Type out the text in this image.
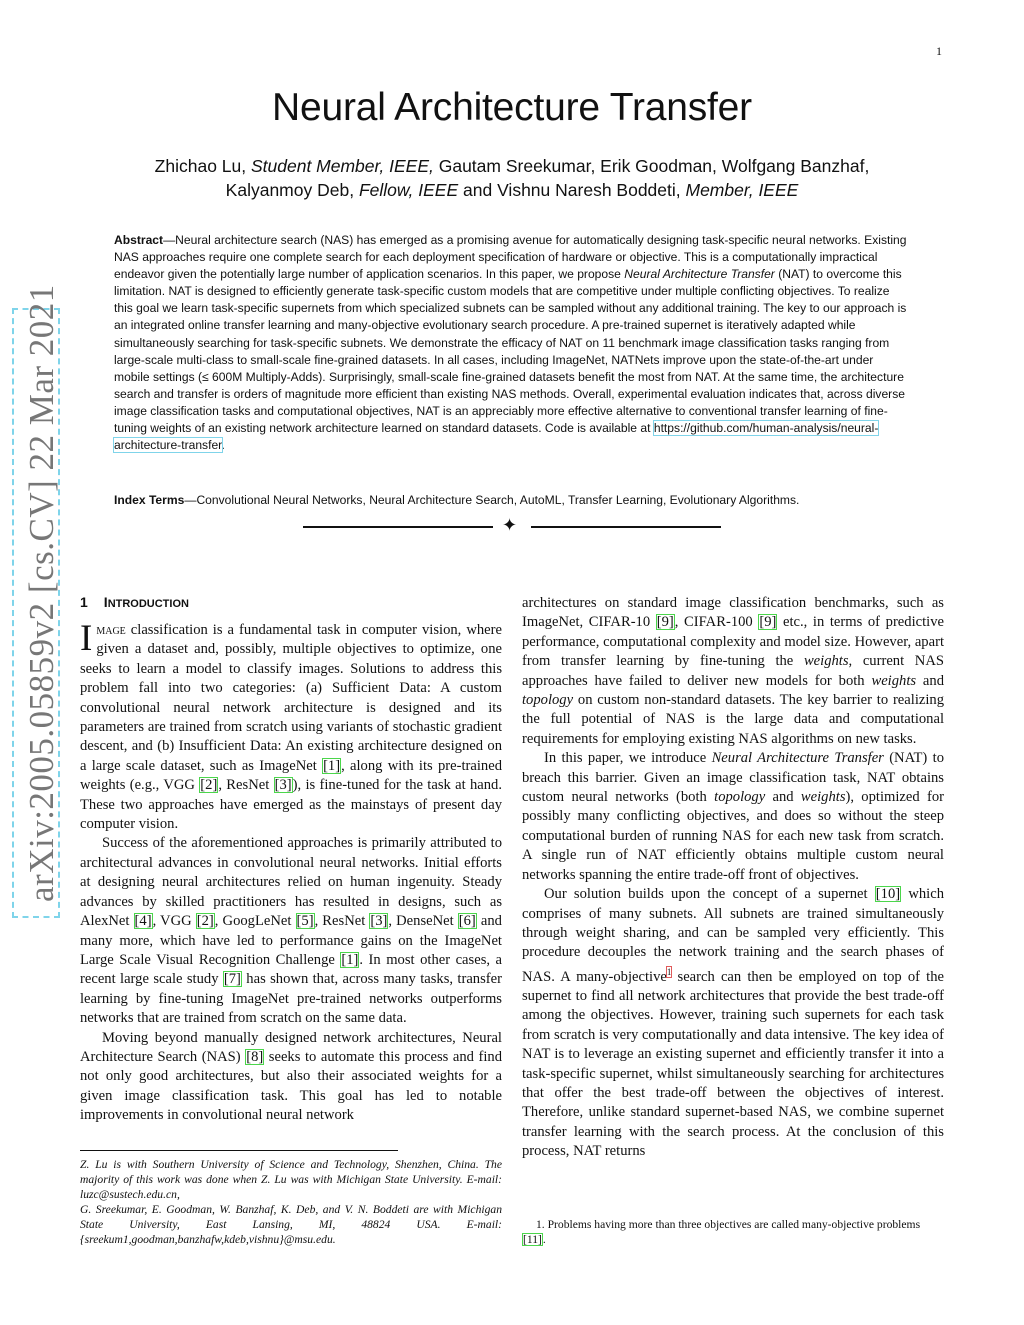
1
Neural Architecture Transfer
Zhichao Lu, Student Member, IEEE, Gautam Sreekumar, Erik Goodman, Wolfgang Banzhaf,
Kalyanmoy Deb, Fellow, IEEE and Vishnu Naresh Boddeti, Member, IEEE
Abstract—Neural architecture search (NAS) has emerged as a promising avenue for automatically designing task-specific neural networks. Existing NAS approaches require one complete search for each deployment specification of hardware or objective. This is a computationally impractical endeavor given the potentially large number of application scenarios. In this paper, we propose Neural Architecture Transfer (NAT) to overcome this limitation. NAT is designed to efficiently generate task-specific custom models that are competitive under multiple conflicting objectives. To realize this goal we learn task-specific supernets from which specialized subnets can be sampled without any additional training. The key to our approach is an integrated online transfer learning and many-objective evolutionary search procedure. A pre-trained supernet is iteratively adapted while simultaneously searching for task-specific subnets. We demonstrate the efficacy of NAT on 11 benchmark image classification tasks ranging from large-scale multi-class to small-scale fine-grained datasets. In all cases, including ImageNet, NATNets improve upon the state-of-the-art under mobile settings (≤ 600M Multiply-Adds). Surprisingly, small-scale fine-grained datasets benefit the most from NAT. At the same time, the architecture search and transfer is orders of magnitude more efficient than existing NAS methods. Overall, experimental evaluation indicates that, across diverse image classification tasks and computational objectives, NAT is an appreciably more effective alternative to conventional transfer learning of fine-tuning weights of an existing network architecture learned on standard datasets. Code is available at https://github.com/human-analysis/neural-architecture-transfer.
Index Terms—Convolutional Neural Networks, Neural Architecture Search, AutoML, Transfer Learning, Evolutionary Algorithms.
✦
arXiv:2005.05859v2 [cs.CV] 22 Mar 2021 1 INTRODUCTION

Image classification is a fundamental task in computer vision, where given a dataset and, possibly, multiple objectives to optimize, one seeks to learn a model to classify images. Solutions to address this problem fall into two categories: (a) Sufficient Data: A custom convolutional neural network architecture is designed and its parameters are trained from scratch using variants of stochastic gradient descent, and (b) Insufficient Data: An existing architecture designed on a large scale dataset, such as ImageNet [1], along with its pre-trained weights (e.g., VGG [2], ResNet [3]), is fine-tuned for the task at hand. These two approaches have emerged as the mainstays of present day computer vision.

Success of the aforementioned approaches is primarily attributed to architectural advances in convolutional neural networks. Initial efforts at designing neural architectures relied on human ingenuity. Steady advances by skilled practitioners has resulted in designs, such as AlexNet [4], VGG [2], GoogLeNet [5], ResNet [3], DenseNet [6] and many more, which have led to performance gains on the ImageNet Large Scale Visual Recognition Challenge [1]. In most other cases, a recent large scale study [7] has shown that, across many tasks, transfer learning by fine-tuning ImageNet pre-trained networks outperforms networks that are trained from scratch on the same data.

Moving beyond manually designed network architectures, Neural Architecture Search (NAS) [8] seeks to automate this process and find not only good architectures, but also their associated weights for a given image classification task. This goal has led to notable improvements in convolutional neural network

Z. Lu is with Southern University of Science and Technology, Shenzhen, China. The majority of this work was done when Z. Lu was with Michigan State University. E-mail: luzc@sustech.edu.cn,

G. Sreekumar, E. Goodman, W. Banzhaf, K. Deb, and V. N. Boddeti are with Michigan State University, East Lansing, MI, 48824 USA. E-mail: {sreekum1,goodman,banzhafw,kdeb,vishnu}@msu.edu.

architectures on standard image classification benchmarks, such as ImageNet, CIFAR-10 [9], CIFAR-100 [9] etc., in terms of predictive performance, computational complexity and model size. However, apart from transfer learning by fine-tuning the weights, current NAS approaches have failed to deliver new models for both weights and topology on custom non-standard datasets. The key barrier to realizing the full potential of NAS is the large data and computational requirements for employing existing NAS algorithms on new tasks.

In this paper, we introduce Neural Architecture Transfer (NAT) to breach this barrier. Given an image classification task, NAT obtains custom neural networks (both topology and weights), optimized for possibly many conflicting objectives, and does so without the steep computational burden of running NAS for each new task from scratch. A single run of NAT efficiently obtains multiple custom neural networks spanning the entire trade-off front of objectives.

Our solution builds upon the concept of a supernet [10] which comprises of many subnets. All subnets are trained simultaneously through weight sharing, and can be sampled very efficiently. This procedure decouples the network training and the search phases of NAS. A many-objective$^1$ search can then be employed on top of the supernet to find all network architectures that provide the best trade-off among the objectives. However, training such supernets for each task from scratch is very computationally and data intensive. The key idea of NAT is to leverage an existing supernet and efficiently transfer it into a task-specific supernet, whilst simultaneously searching for architectures that offer the best trade-off between the objectives of interest. Therefore, unlike standard supernet-based NAS, we combine supernet transfer learning with the search process. At the conclusion of this process, NAT returns

1. Problems having more than three objectives are called many-objective problems [11].
